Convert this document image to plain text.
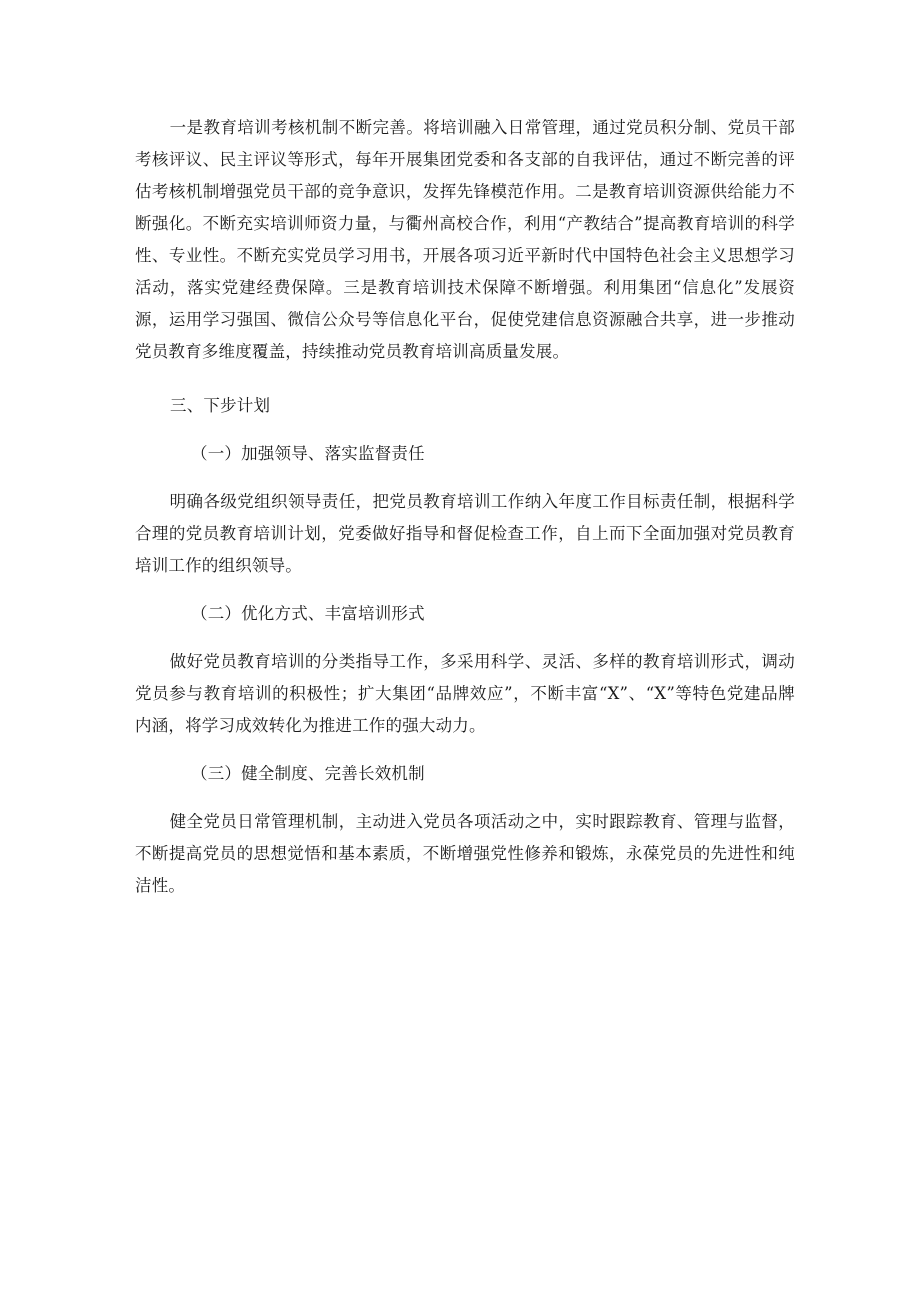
一是教育培训考核机制不断完善。将培训融入日常管理，通过党员积分制、党员干部考核评议、民主评议等形式，每年开展集团党委和各支部的自我评估，通过不断完善的评估考核机制增强党员干部的竞争意识，发挥先锋模范作用。二是教育培训资源供给能力不断强化。不断充实培训师资力量，与衢州高校合作，利用“产教结合”提高教育培训的科学性、专业性。不断充实党员学习用书，开展各项习近平新时代中国特色社会主义思想学习活动，落实党建经费保障。三是教育培训技术保障不断增强。利用集团“信息化”发展资源，运用学习强国、微信公众号等信息化平台，促使党建信息资源融合共享，进一步推动党员教育多维度覆盖，持续推动党员教育培训高质量发展。

三、下步计划

（一）加强领导、落实监督责任

明确各级党组织领导责任，把党员教育培训工作纳入年度工作目标责任制，根据科学合理的党员教育培训计划，党委做好指导和督促检查工作，自上而下全面加强对党员教育培训工作的组织领导。

（二）优化方式、丰富培训形式

做好党员教育培训的分类指导工作，多采用科学、灵活、多样的教育培训形式，调动党员参与教育培训的积极性；扩大集团“品牌效应”，不断丰富“X”、“X”等特色党建品牌内涵，将学习成效转化为推进工作的强大动力。

（三）健全制度、完善长效机制

健全党员日常管理机制，主动进入党员各项活动之中，实时跟踪教育、管理与监督，不断提高党员的思想觉悟和基本素质，不断增强党性修养和锻炼，永葆党员的先进性和纯洁性。
